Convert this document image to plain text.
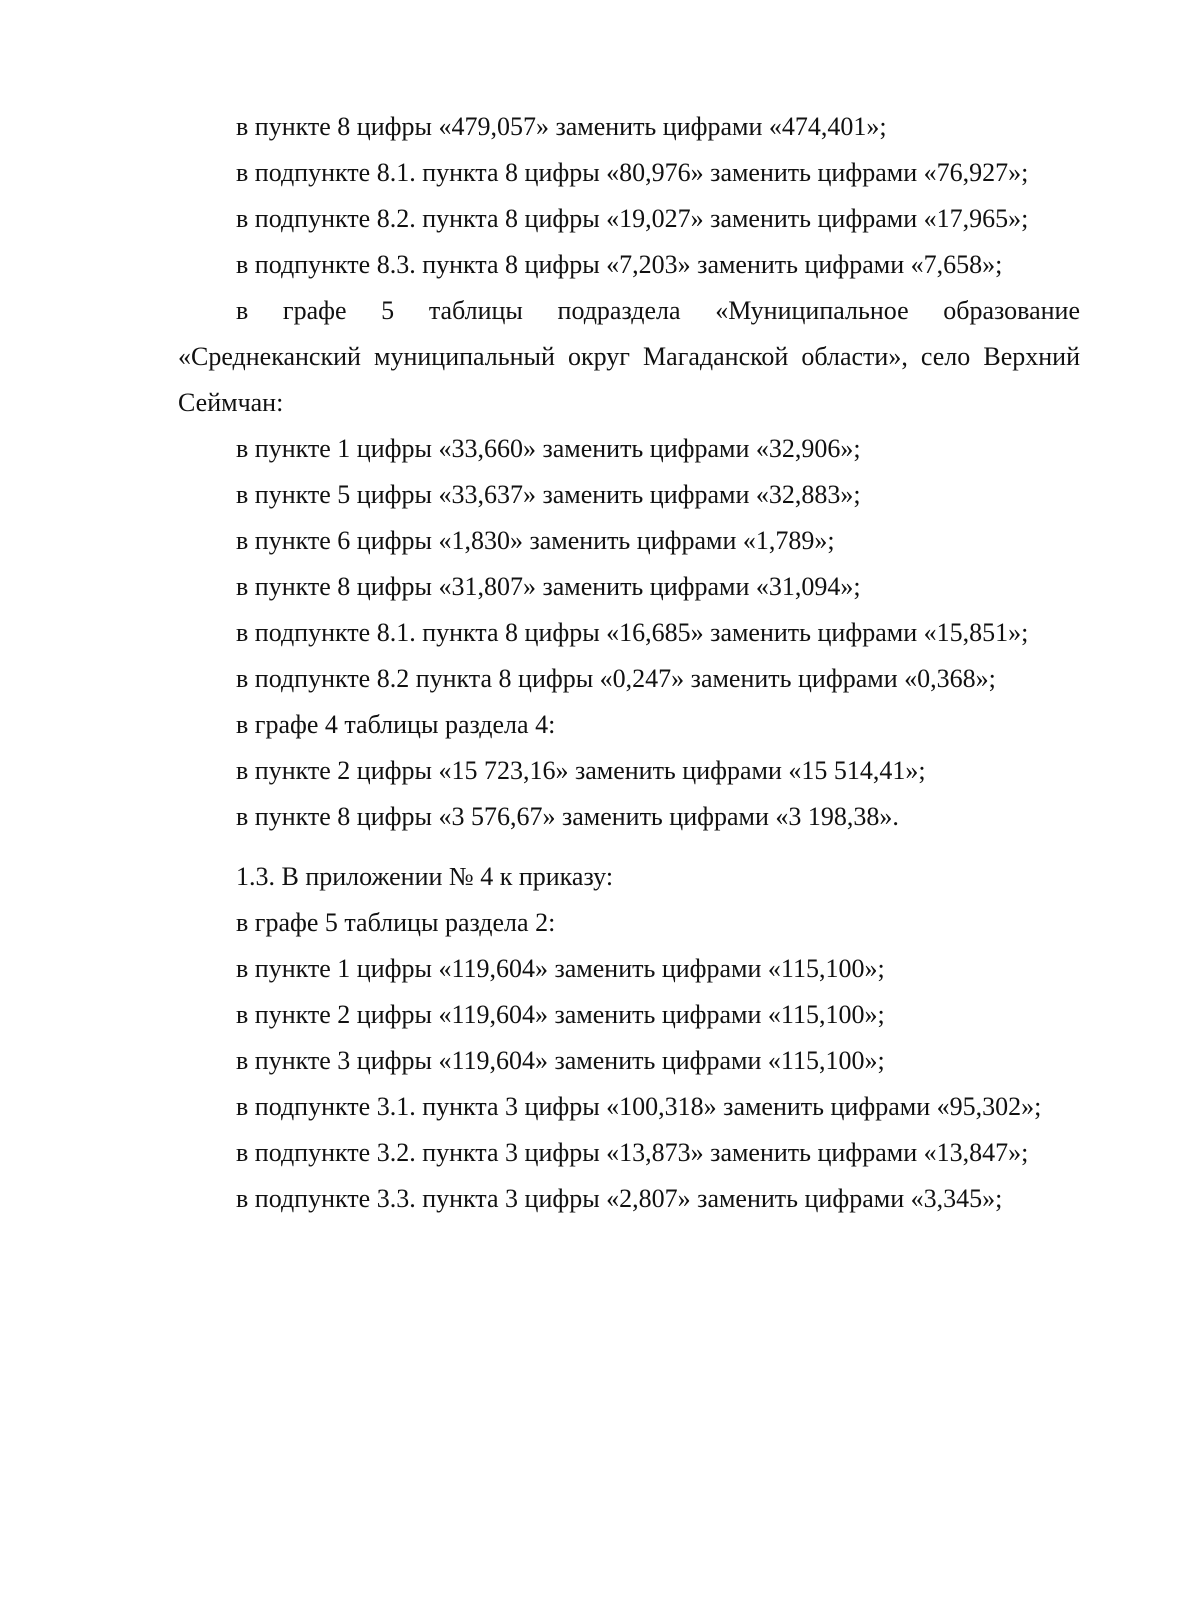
в пункте 8 цифры «479,057» заменить цифрами «474,401»;

в подпункте 8.1. пункта 8 цифры «80,976» заменить цифрами «76,927»;

в подпункте 8.2. пункта 8 цифры «19,027» заменить цифрами «17,965»;

в подпункте 8.3. пункта 8 цифры «7,203» заменить цифрами «7,658»;

в графе 5 таблицы подраздела «Муниципальное образование «Среднеканский муниципальный округ Магаданской области», село Верхний Сеймчан:

в пункте 1 цифры «33,660» заменить цифрами «32,906»;

в пункте 5 цифры «33,637» заменить цифрами «32,883»;

в пункте 6 цифры «1,830» заменить цифрами «1,789»;

в пункте 8 цифры «31,807» заменить цифрами «31,094»;

в подпункте 8.1. пункта 8 цифры «16,685» заменить цифрами «15,851»;

в подпункте 8.2 пункта 8 цифры «0,247» заменить цифрами «0,368»;

в графе 4 таблицы раздела 4:

в пункте 2 цифры «15 723,16» заменить цифрами «15 514,41»;

в пункте 8 цифры «3 576,67» заменить цифрами «3 198,38».

1.3. В приложении № 4 к приказу:

в графе 5 таблицы раздела 2:

в пункте 1 цифры «119,604» заменить цифрами «115,100»;

в пункте 2 цифры «119,604» заменить цифрами «115,100»;

в пункте 3 цифры «119,604» заменить цифрами «115,100»;

в подпункте 3.1. пункта 3 цифры «100,318» заменить цифрами «95,302»;

в подпункте 3.2. пункта 3 цифры «13,873» заменить цифрами «13,847»;

в подпункте 3.3. пункта 3 цифры «2,807» заменить цифрами «3,345»;
